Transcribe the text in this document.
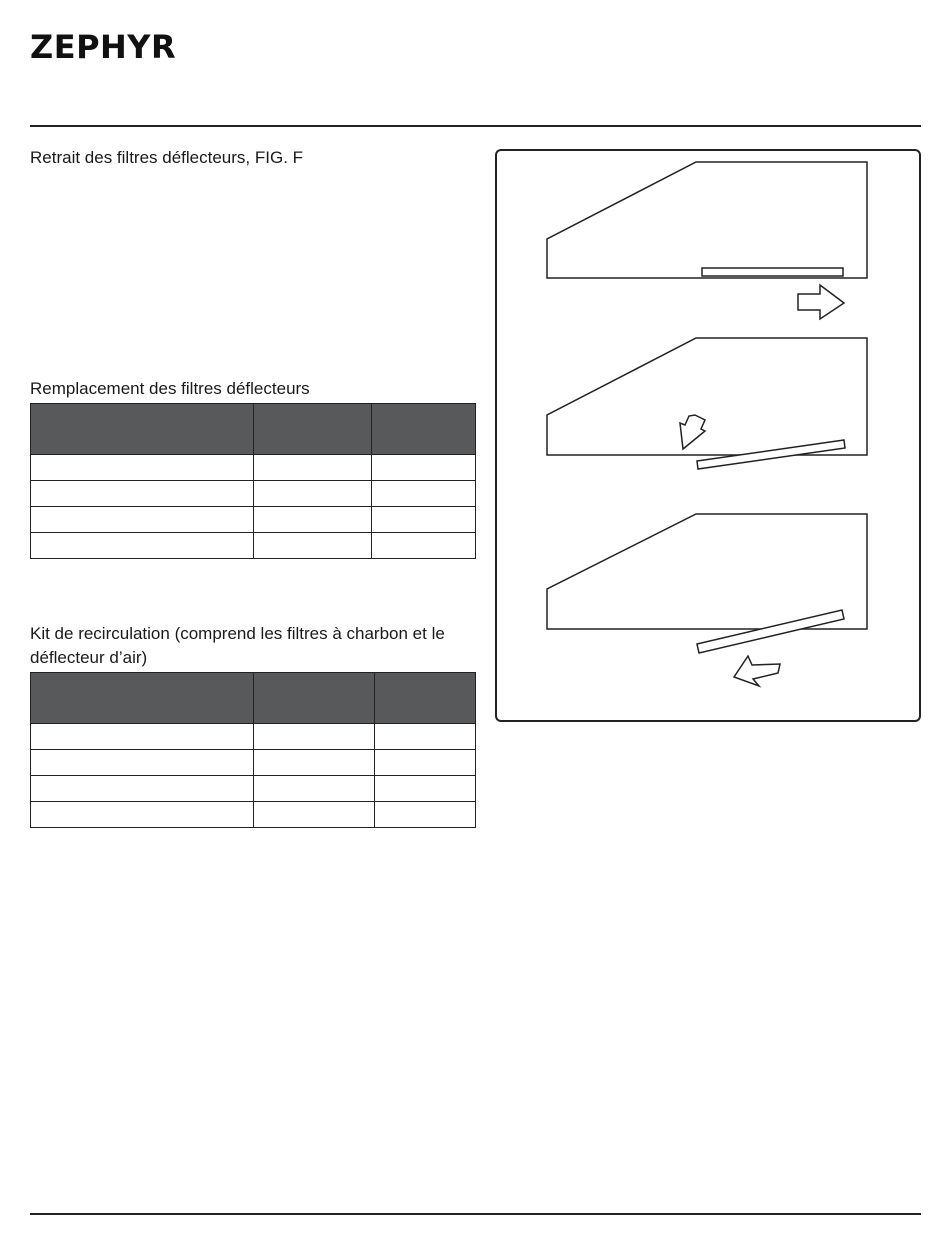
ZEPHYR
Retrait des filtres déflecteurs, FIG. F
Remplacement des filtres déflecteurs

Kit de recirculation (comprend les filtres à charbon et le déflecteur d’air)
